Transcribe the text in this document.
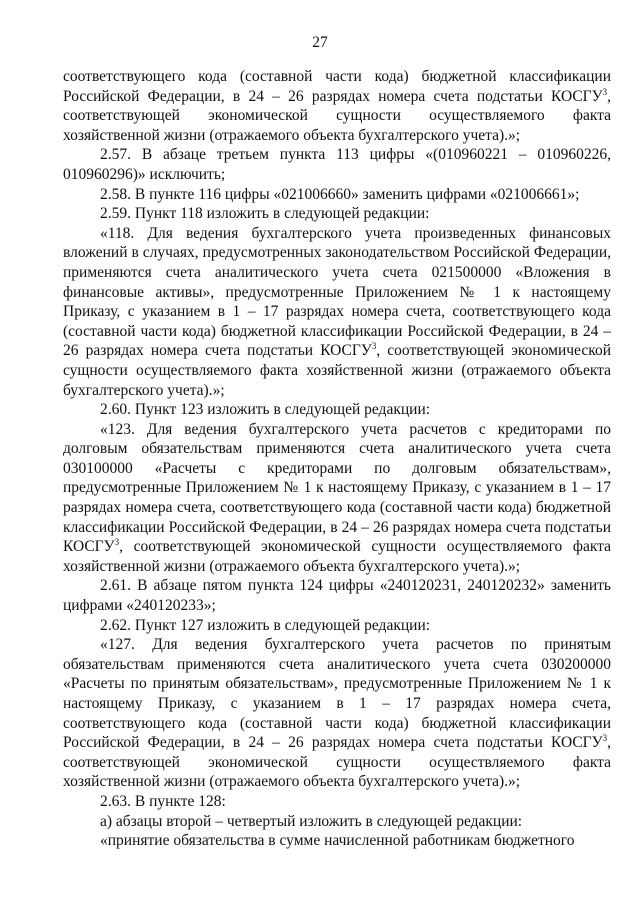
27

соответствующего кода (составной части кода) бюджетной классификации Российской Федерации, в 24 – 26 разрядах номера счета подстатьи КОСГУ$^3$, соответствующей экономической сущности осуществляемого факта хозяйственной жизни (отражаемого объекта бухгалтерского учета).»;

2.57. В абзаце третьем пункта 113 цифры «(010960221 – 010960226, 010960296)» исключить;

2.58. В пункте 116 цифры «021006660» заменить цифрами «021006661»;

2.59. Пункт 118 изложить в следующей редакции:

«118. Для ведения бухгалтерского учета произведенных финансовых вложений в случаях, предусмотренных законодательством Российской Федерации, применяются счета аналитического учета счета 021500000 «Вложения в финансовые активы», предусмотренные Приложением № 1 к настоящему Приказу, с указанием в 1 – 17 разрядах номера счета, соответствующего кода (составной части кода) бюджетной классификации Российской Федерации, в 24 – 26 разрядах номера счета подстатьи КОСГУ$^3$, соответствующей экономической сущности осуществляемого факта хозяйственной жизни (отражаемого объекта бухгалтерского учета).»;

2.60. Пункт 123 изложить в следующей редакции:

«123. Для ведения бухгалтерского учета расчетов с кредиторами по долговым обязательствам применяются счета аналитического учета счета 030100000 «Расчеты с кредиторами по долговым обязательствам», предусмотренные Приложением № 1 к настоящему Приказу, с указанием в 1 – 17 разрядах номера счета, соответствующего кода (составной части кода) бюджетной классификации Российской Федерации, в 24 – 26 разрядах номера счета подстатьи КОСГУ$^3$, соответствующей экономической сущности осуществляемого факта хозяйственной жизни (отражаемого объекта бухгалтерского учета).»;

2.61. В абзаце пятом пункта 124 цифры «240120231, 240120232» заменить цифрами «240120233»;

2.62. Пункт 127 изложить в следующей редакции:

«127. Для ведения бухгалтерского учета расчетов по принятым обязательствам применяются счета аналитического учета счета 030200000 «Расчеты по принятым обязательствам», предусмотренные Приложением № 1 к настоящему Приказу, с указанием в 1 – 17 разрядах номера счета, соответствующего кода (составной части кода) бюджетной классификации Российской Федерации, в 24 – 26 разрядах номера счета подстатьи КОСГУ$^3$, соответствующей экономической сущности осуществляемого факта хозяйственной жизни (отражаемого объекта бухгалтерского учета).»;

2.63. В пункте 128:

а) абзацы второй – четвертый изложить в следующей редакции:

«принятие обязательства в сумме начисленной работникам бюджетного
